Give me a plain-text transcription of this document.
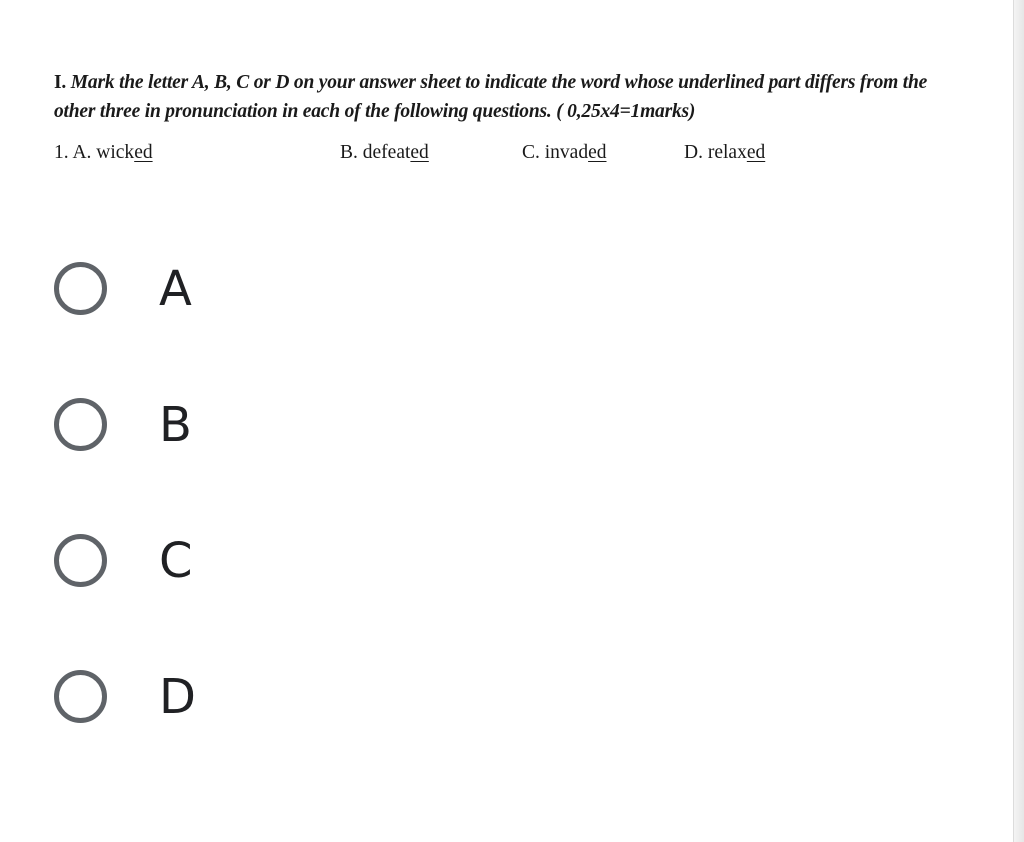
I. Mark the letter A, B, C or D on your answer sheet to indicate the word whose underlined part differs from the other three in pronunciation in each of the following questions. ( 0,25x4=1marks)

1. A. wicked	B. defeated	C. invaded	D. relaxed
A
B
C
D
